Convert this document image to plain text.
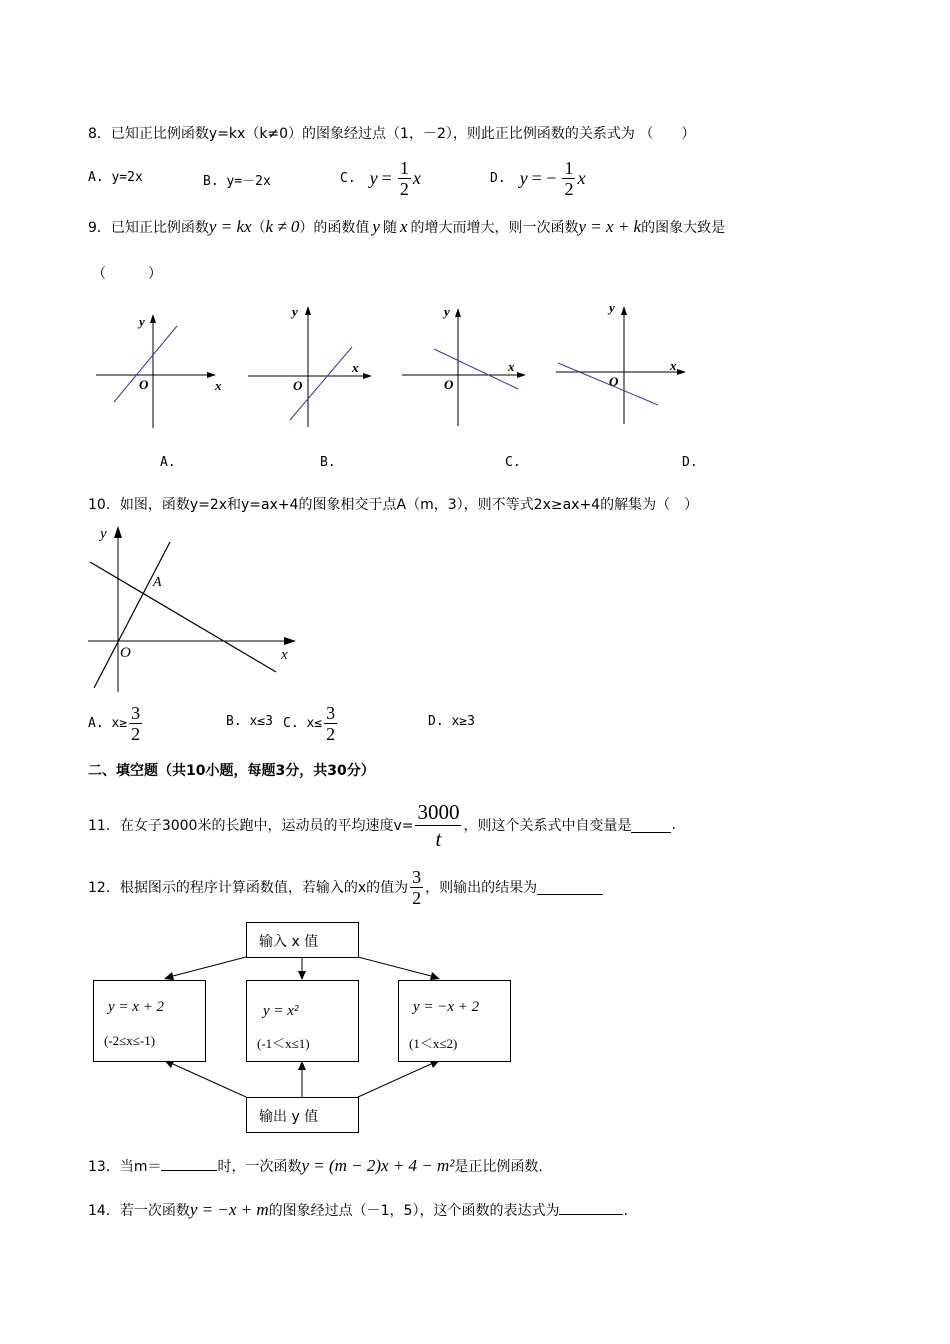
8．已知正比例函数y=kx（k≠0）的图象经过点（1，－2），则此正比例函数的关系式为 （　　）
A. y=2x	B. y=－2x	C. $y = \frac{1}{2}$ x	D. y = − $\frac{1}{2}$ x
9．已知正比例函数y = kx（k ≠ 0）的函数值 y 随 x 的增大而增大，则一次函数y = x + k的图象大致是
（　　　）
y
x
O
y
x
O
y
x
O
y
x
O
A.	B.	C.	D.
10．如图，函数y=2x和y=ax+4的图象相交于点A（m，3），则不等式2x≥ax+4的解集为（　）
y
x
O
A
A. $x\ge \frac{3}{2}$	B. x≤3 C. $x\le \frac{3}{2}$	D. x≥3
二、填空题（共10小题，每题3分，共30分）
11．在女子3000米的长跑中，运动员的平均速度$v= \frac{3000}{t}$ ，则这个关系式中自变量是	.
12．根据图示的程序计算函数值，若输入的x的值为 $\frac{3}{2}$ ，则输出的结果为
输入 x 值
y = x + 2
(-2≤x≤-1)
y = x²
(-1＜x≤1)
y = −x + 2
(1＜x≤2)
输出 y 值
13．当m＝	时，一次函数y = (m − 2)x + 4 − m²是正比例函数.
14．若一次函数y = −x + m的图象经过点（－1，5），这个函数的表达式为	.
